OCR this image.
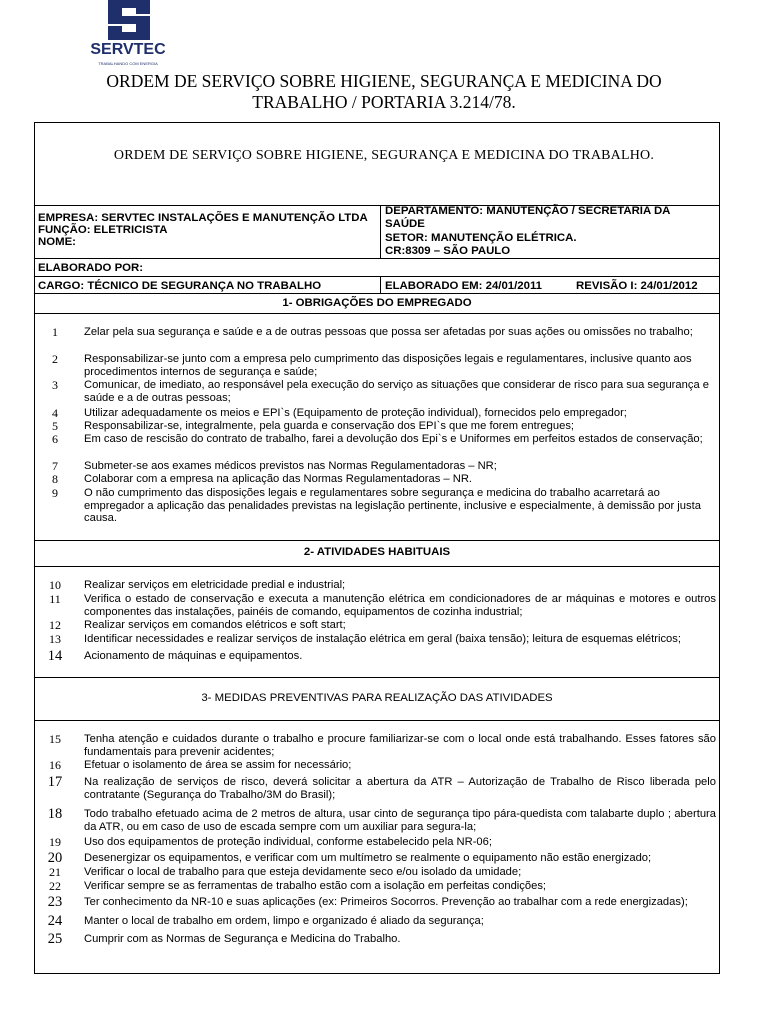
SERVTEC
TRABALHANDO COM ENERGIA
ORDEM DE SERVIÇO SOBRE HIGIENE, SEGURANÇA E MEDICINA DO
TRABALHO / PORTARIA 3.214/78.
ORDEM DE SERVIÇO SOBRE HIGIENE, SEGURANÇA E MEDICINA DO TRABALHO.
EMPRESA: SERVTEC INSTALAÇÕES E MANUTENÇÃO LTDA
FUNÇÃO: ELETRICISTA
NOME:
DEPARTAMENTO: MANUTENÇÃO / SECRETARIA DA
SAÚDE
SETOR: MANUTENÇÃO ELÉTRICA.
CR:8309 – SÃO PAULO
ELABORADO POR:
CARGO: TÉCNICO DE SEGURANÇA NO TRABALHO	ELABORADO EM: 24/01/2011	REVISÃO I: 24/01/2012
1- OBRIGAÇÕES DO EMPREGADO
2- ATIVIDADES HABITUAIS
3- MEDIDAS PREVENTIVAS PARA REALIZAÇÃO DAS ATIVIDADES
1	Zelar pela sua segurança e saúde e a de outras pessoas que possa ser afetadas por suas ações ou omissões no trabalho;
2	Responsabilizar-se junto com a empresa pelo cumprimento das disposições legais e regulamentares, inclusive quanto aos procedimentos internos de segurança e saúde;
3	Comunicar, de imediato, ao responsável pela execução do serviço as situações que considerar de risco para sua segurança e saúde e a de outras pessoas;
4	Utilizar adequadamente os meios e EPI`s (Equipamento de proteção individual), fornecidos pelo empregador;
5	Responsabilizar-se, integralmente, pela guarda e conservação dos EPI`s que me forem entregues;
6	Em caso de rescisão do contrato de trabalho, farei a devolução dos Epi`s e Uniformes em perfeitos estados de conservação;
7	Submeter-se aos exames médicos previstos nas Normas Regulamentadoras – NR;
8	Colaborar com a empresa na aplicação das Normas Regulamentadoras – NR.
9	O não cumprimento das disposições legais e regulamentares sobre segurança e medicina do trabalho acarretará ao empregador a aplicação das penalidades previstas na legislação pertinente, inclusive e especialmente, à demissão por justa causa.
10	Realizar serviços em eletricidade predial e industrial;
11	Verifica o estado de conservação e executa a manutenção elétrica em condicionadores de ar máquinas e motores e outros componentes das instalações, painéis de comando, equipamentos de cozinha industrial;
12	Realizar serviços em comandos elétricos e soft start;
13	Identificar necessidades e realizar serviços de instalação elétrica em geral (baixa tensão); leitura de esquemas elétricos;
14	Acionamento de máquinas e equipamentos.
15	Tenha atenção e cuidados durante o trabalho e procure familiarizar-se com o local onde está trabalhando. Esses fatores são fundamentais para prevenir acidentes;
16	Efetuar o isolamento de área se assim for necessário;
17	Na realização de serviços de risco, deverá solicitar a abertura da ATR – Autorização de Trabalho de Risco liberada pelo contratante (Segurança do Trabalho/3M do Brasil);
18	Todo trabalho efetuado acima de 2 metros de altura, usar cinto de segurança tipo pára-quedista com talabarte duplo ; abertura da ATR, ou em caso de uso de escada sempre com um auxiliar para segura-la;
19	Uso dos equipamentos de proteção individual, conforme estabelecido pela NR-06;
20	Desenergizar os equipamentos, e verificar com um multímetro se realmente o equipamento não estão energizado;
21	Verificar o local de trabalho para que esteja devidamente seco e/ou isolado da umidade;
22	Verificar sempre se as ferramentas de trabalho estão com a isolação em perfeitas condições;
23	Ter conhecimento da NR-10 e suas aplicações (ex: Primeiros Socorros. Prevenção ao trabalhar com a rede energizadas);
24	Manter o local de trabalho em ordem, limpo e organizado é aliado da segurança;
25	Cumprir com as Normas de Segurança e Medicina do Trabalho.
